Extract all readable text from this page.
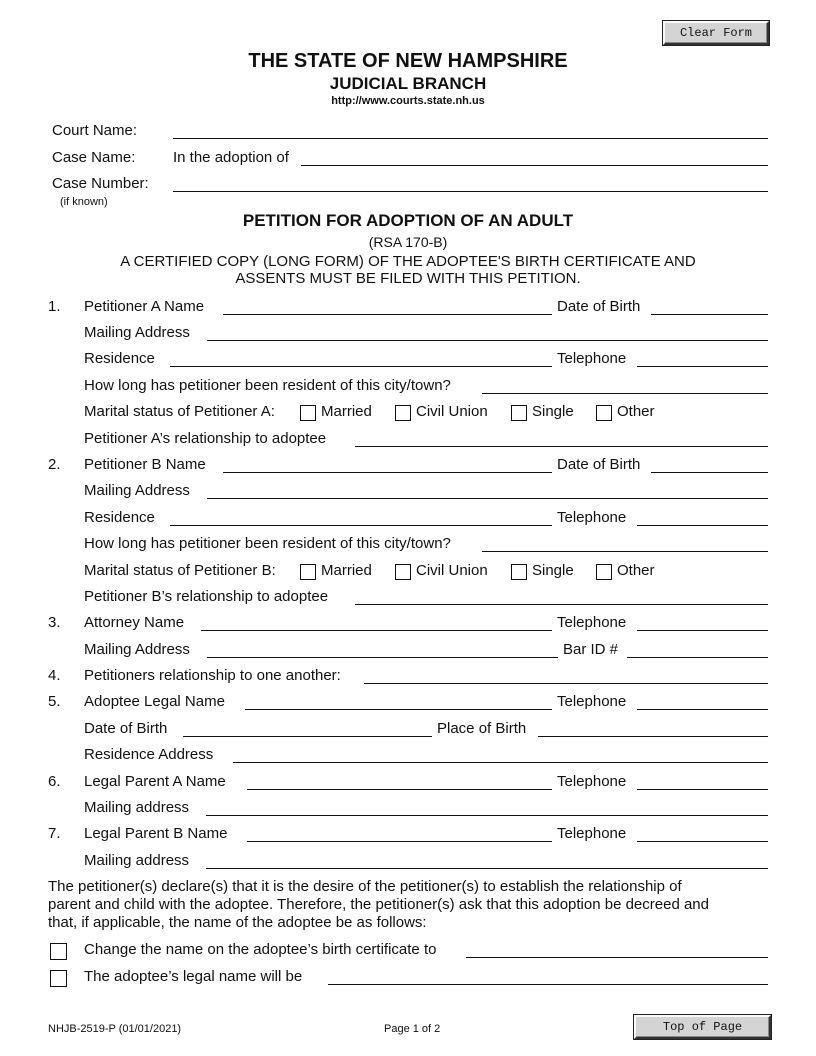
Clear Form
Top of Page
THE STATE OF NEW HAMPSHIRE
JUDICIAL BRANCH
http://www.courts.state.nh.us
Court Name:
Case Name:	In the adoption of
Case Number:
(if known)
PETITION FOR ADOPTION OF AN ADULT
(RSA 170-B)
A CERTIFIED COPY (LONG FORM) OF THE ADOPTEE'S BIRTH CERTIFICATE AND
ASSENTS MUST BE FILED WITH THIS PETITION.
1. Petitioner A Name	Date of Birth
Mailing Address
Residence	Telephone
How long has petitioner been resident of this city/town?
Marital status of Petitioner A:	Married	Civil Union	Single	Other
Petitioner A’s relationship to adoptee
2. Petitioner B Name	Date of Birth
Mailing Address
Residence	Telephone
How long has petitioner been resident of this city/town?
Marital status of Petitioner B:	Married	Civil Union	Single	Other
Petitioner B’s relationship to adoptee
3. Attorney Name	Telephone
Mailing Address	Bar ID #
4. Petitioners relationship to one another:
5. Adoptee Legal Name	Telephone
Date of Birth	Place of Birth
Residence Address
6. Legal Parent A Name	Telephone
Mailing address
7. Legal Parent B Name	Telephone
Mailing address
The petitioner(s) declare(s) that it is the desire of the petitioner(s) to establish the relationship of
parent and child with the adoptee. Therefore, the petitioner(s) ask that this adoption be decreed and
that, if applicable, the name of the adoptee be as follows:
Change the name on the adoptee’s birth certificate to
The adoptee’s legal name will be
NHJB-2519-P (01/01/2021)	Page 1 of 2
